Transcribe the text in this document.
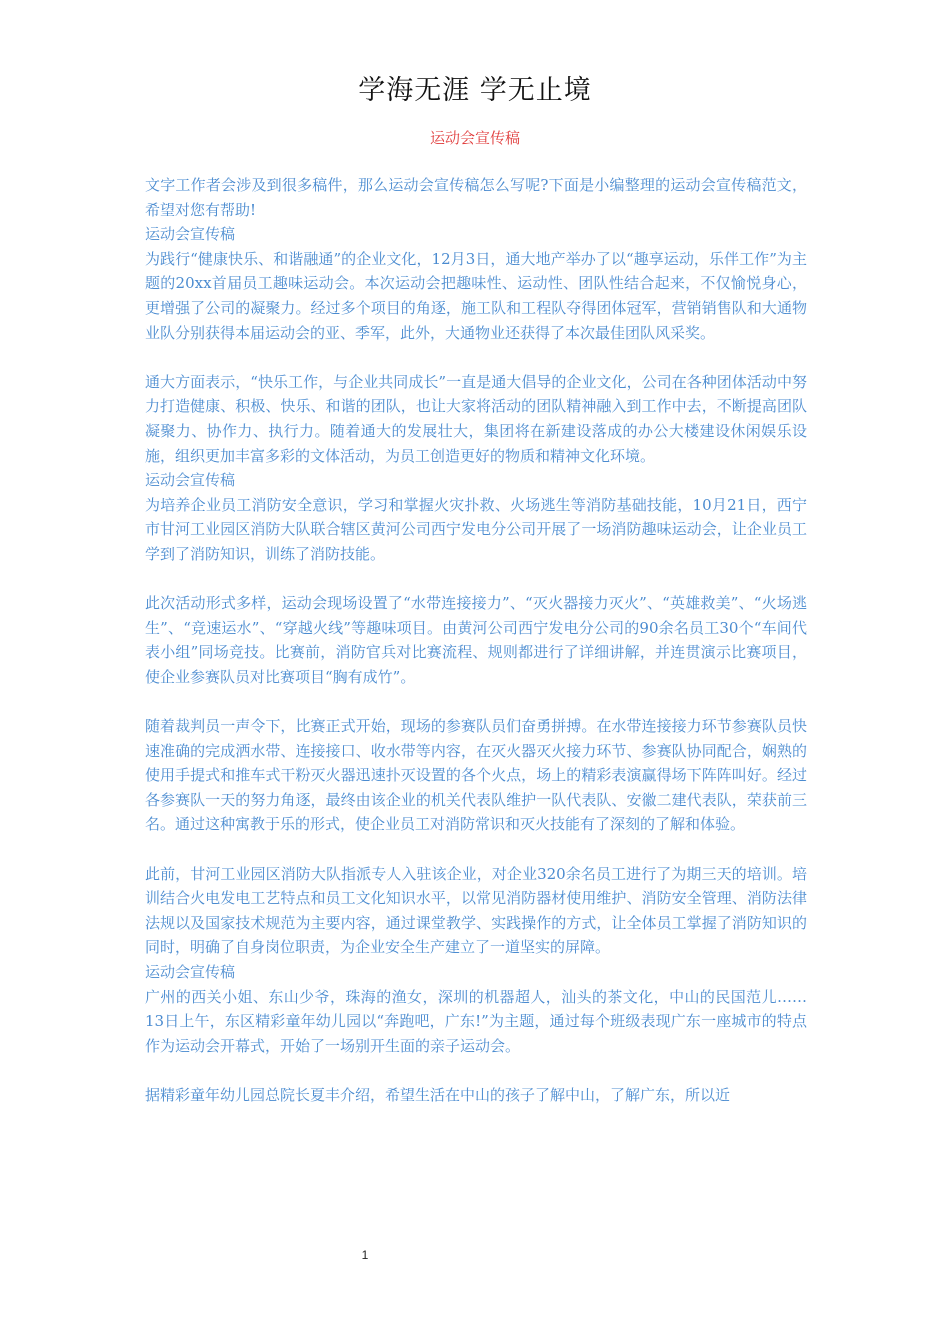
学海无涯 学无止境
运动会宣传稿

文字工作者会涉及到很多稿件，那么运动会宣传稿怎么写呢?下面是小编整理的运动会宣传稿范文，希望对您有帮助!

运动会宣传稿

为践行“健康快乐、和谐融通”的企业文化，12月3日，通大地产举办了以“趣享运动，乐伴工作”为主题的20xx首届员工趣味运动会。本次运动会把趣味性、运动性、团队性结合起来，不仅愉悦身心，更增强了公司的凝聚力。经过多个项目的角逐，施工队和工程队夺得团体冠军，营销销售队和大通物业队分别获得本届运动会的亚、季军，此外，大通物业还获得了本次最佳团队风采奖。

通大方面表示，“快乐工作，与企业共同成长”一直是通大倡导的企业文化，公司在各种团体活动中努力打造健康、积极、快乐、和谐的团队，也让大家将活动的团队精神融入到工作中去，不断提高团队凝聚力、协作力、执行力。随着通大的发展壮大，集团将在新建设落成的办公大楼建设休闲娱乐设施，组织更加丰富多彩的文体活动，为员工创造更好的物质和精神文化环境。

运动会宣传稿

为培养企业员工消防安全意识，学习和掌握火灾扑救、火场逃生等消防基础技能，10月21日，西宁市甘河工业园区消防大队联合辖区黄河公司西宁发电分公司开展了一场消防趣味运动会，让企业员工学到了消防知识，训练了消防技能。

此次活动形式多样，运动会现场设置了“水带连接接力”、“灭火器接力灭火”、“英雄救美”、“火场逃生”、“竞速运水”、“穿越火线”等趣味项目。由黄河公司西宁发电分公司的90余名员工30个“车间代表小组”同场竞技。比赛前，消防官兵对比赛流程、规则都进行了详细讲解，并连贯演示比赛项目，使企业参赛队员对比赛项目“胸有成竹”。

随着裁判员一声令下，比赛正式开始，现场的参赛队员们奋勇拼搏。在水带连接接力环节参赛队员快速准确的完成洒水带、连接接口、收水带等内容，在灭火器灭火接力环节、参赛队协同配合，娴熟的使用手提式和推车式干粉灭火器迅速扑灭设置的各个火点，场上的精彩表演赢得场下阵阵叫好。经过各参赛队一天的努力角逐，最终由该企业的机关代表队维护一队代表队、安徽二建代表队，荣获前三名。通过这种寓教于乐的形式，使企业员工对消防常识和灭火技能有了深刻的了解和体验。

此前，甘河工业园区消防大队指派专人入驻该企业，对企业320余名员工进行了为期三天的培训。培训结合火电发电工艺特点和员工文化知识水平，以常见消防器材使用维护、消防安全管理、消防法律法规以及国家技术规范为主要内容，通过课堂教学、实践操作的方式，让全体员工掌握了消防知识的同时，明确了自身岗位职责，为企业安全生产建立了一道坚实的屏障。

运动会宣传稿

广州的西关小姐、东山少爷，珠海的渔女，深圳的机器超人，汕头的茶文化，中山的民国范儿……13日上午，东区精彩童年幼儿园以“奔跑吧，广东!”为主题，通过每个班级表现广东一座城市的特点作为运动会开幕式，开始了一场别开生面的亲子运动会。

据精彩童年幼儿园总院长夏丰介绍，希望生活在中山的孩子了解中山，了解广东，所以近

1
